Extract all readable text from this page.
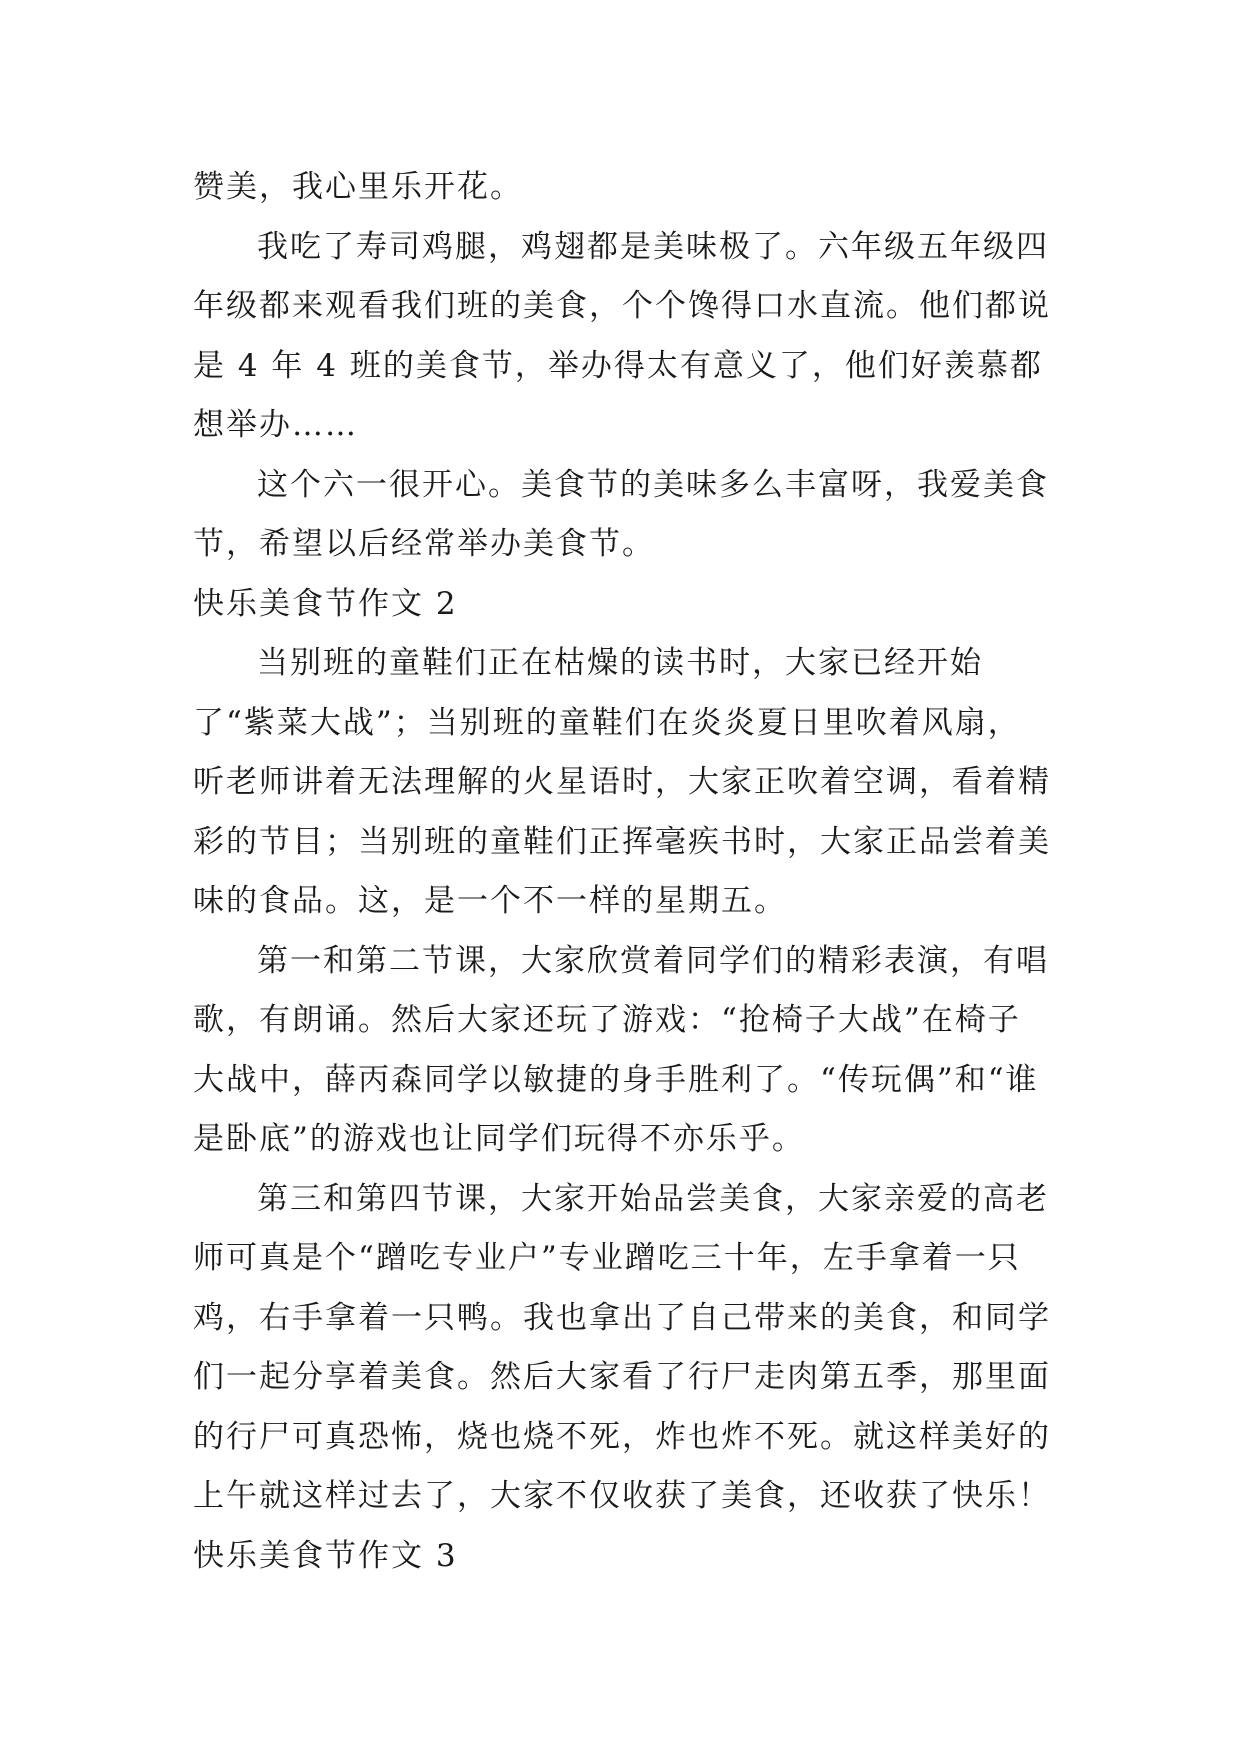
赞美，我心里乐开花。

我吃了寿司鸡腿，鸡翅都是美味极了。六年级五年级四年级都来观看我们班的美食，个个馋得口水直流。他们都说是 4 年 4 班的美食节，举办得太有意义了，他们好羡慕都想举办……

这个六一很开心。美食节的美味多么丰富呀，我爱美食节，希望以后经常举办美食节。

快乐美食节作文 2

当别班的童鞋们正在枯燥的读书时，大家已经开始了“紫菜大战”；当别班的童鞋们在炎炎夏日里吹着风扇，听老师讲着无法理解的火星语时，大家正吹着空调，看着精彩的节目；当别班的童鞋们正挥毫疾书时，大家正品尝着美味的食品。这，是一个不一样的星期五。

第一和第二节课，大家欣赏着同学们的精彩表演，有唱歌，有朗诵。然后大家还玩了游戏：“抢椅子大战”在椅子大战中，薛丙森同学以敏捷的身手胜利了。“传玩偶”和“谁是卧底”的游戏也让同学们玩得不亦乐乎。

第三和第四节课，大家开始品尝美食，大家亲爱的高老师可真是个“蹭吃专业户”专业蹭吃三十年，左手拿着一只鸡，右手拿着一只鸭。我也拿出了自己带来的美食，和同学们一起分享着美食。然后大家看了行尸走肉第五季，那里面的行尸可真恐怖，烧也烧不死，炸也炸不死。就这样美好的上午就这样过去了，大家不仅收获了美食，还收获了快乐！

快乐美食节作文 3
